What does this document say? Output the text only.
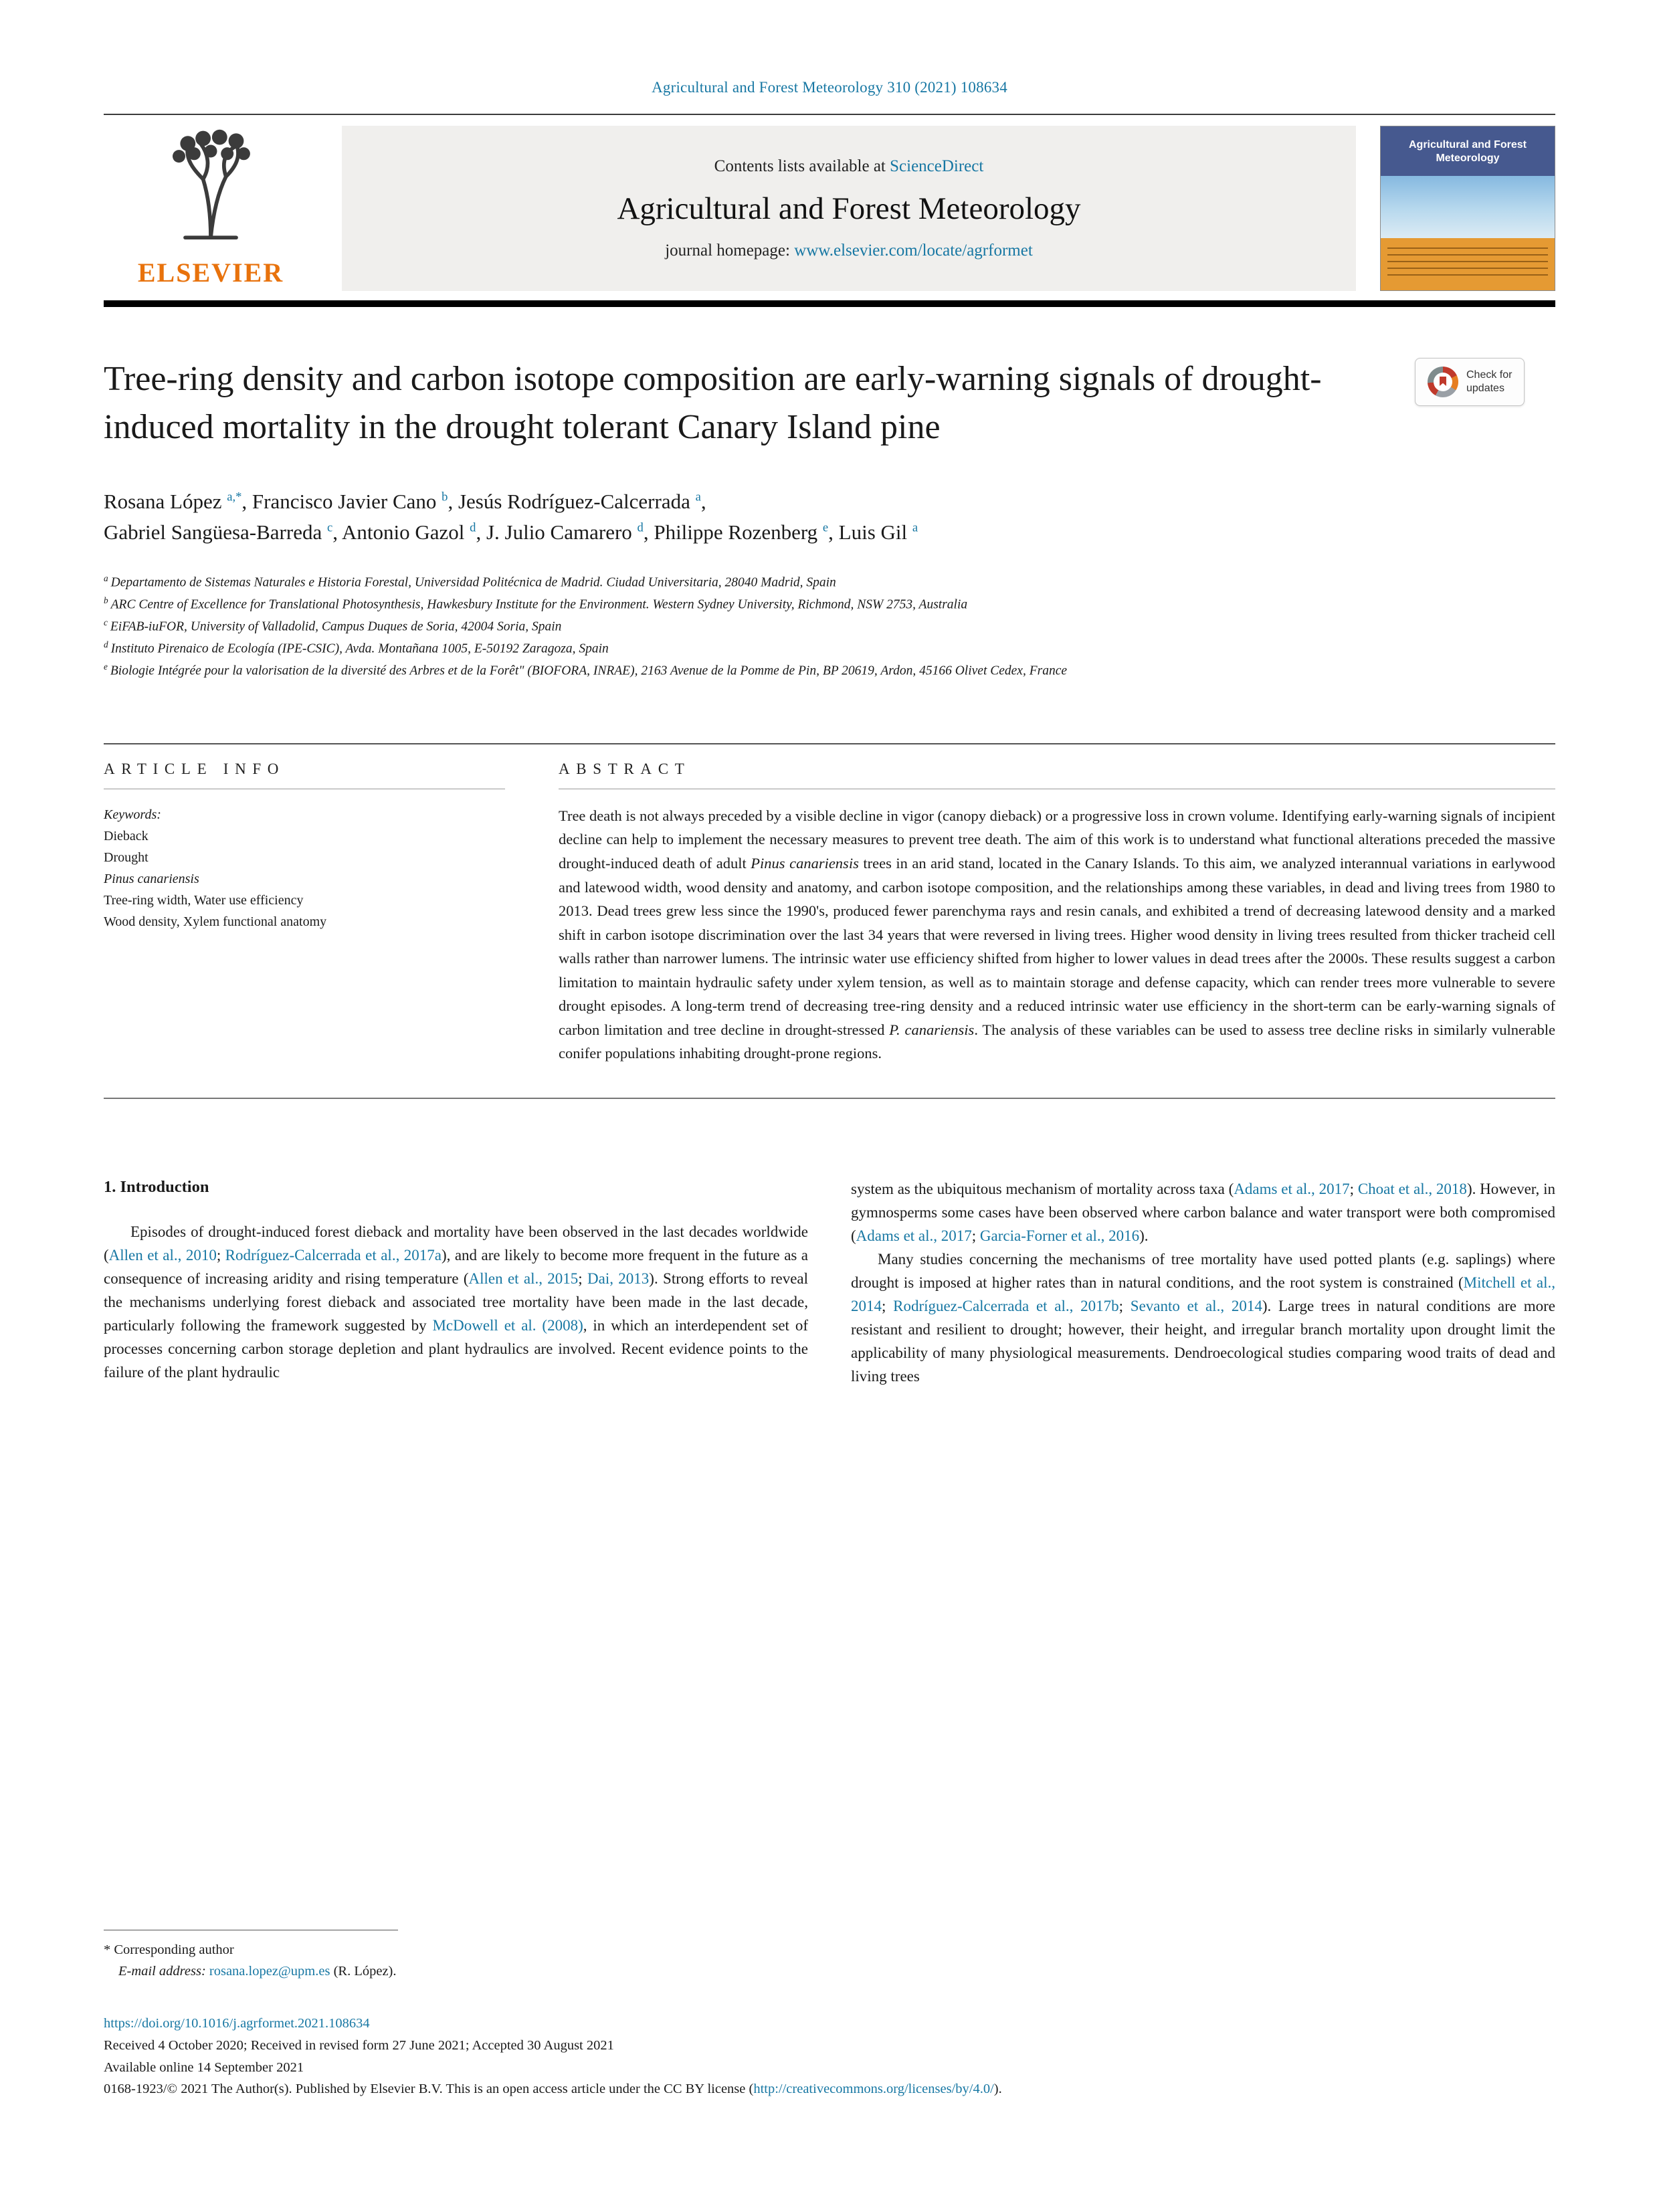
Agricultural and Forest Meteorology 310 (2021) 108634
ELSEVIER
Contents lists available at ScienceDirect
Agricultural and Forest Meteorology
journal homepage: www.elsevier.com/locate/agrformet
Agricultural and Forest Meteorology
Tree-ring density and carbon isotope composition are early-warning signals of drought-induced mortality in the drought tolerant Canary Island pine
Check for
updates
Rosana López $^{a,*}$, Francisco Javier Cano $^b$, Jesús Rodríguez-Calcerrada $^a$,
Gabriel Sangüesa-Barreda $^c$, Antonio Gazol $^d$, J. Julio Camarero $^d$, Philippe Rozenberg $^e$, Luis Gil $^a$
$^a$ Departamento de Sistemas Naturales e Historia Forestal, Universidad Politécnica de Madrid. Ciudad Universitaria, 28040 Madrid, Spain
$^b$ ARC Centre of Excellence for Translational Photosynthesis, Hawkesbury Institute for the Environment. Western Sydney University, Richmond, NSW 2753, Australia
$^c$ EiFAB-iuFOR, University of Valladolid, Campus Duques de Soria, 42004 Soria, Spain
$^d$ Instituto Pirenaico de Ecología (IPE-CSIC), Avda. Montañana 1005, E-50192 Zaragoza, Spain
$^e$ Biologie Intégrée pour la valorisation de la diversité des Arbres et de la Forêt" (BIOFORA, INRAE), 2163 Avenue de la Pomme de Pin, BP 20619, Ardon, 45166 Olivet Cedex, France
ARTICLE INFO
Keywords:
Dieback
Drought
Pinus canariensis
Tree-ring width, Water use efficiency
Wood density, Xylem functional anatomy
ABSTRACT
Tree death is not always preceded by a visible decline in vigor (canopy dieback) or a progressive loss in crown volume. Identifying early-warning signals of incipient decline can help to implement the necessary measures to prevent tree death. The aim of this work is to understand what functional alterations preceded the massive drought-induced death of adult Pinus canariensis trees in an arid stand, located in the Canary Islands. To this aim, we analyzed interannual variations in earlywood and latewood width, wood density and anatomy, and carbon isotope composition, and the relationships among these variables, in dead and living trees from 1980 to 2013. Dead trees grew less since the 1990's, produced fewer parenchyma rays and resin canals, and exhibited a trend of decreasing latewood density and a marked shift in carbon isotope discrimination over the last 34 years that were reversed in living trees. Higher wood density in living trees resulted from thicker tracheid cell walls rather than narrower lumens. The intrinsic water use efficiency shifted from higher to lower values in dead trees after the 2000s. These results suggest a carbon limitation to maintain hydraulic safety under xylem tension, as well as to maintain storage and defense capacity, which can render trees more vulnerable to severe drought episodes. A long-term trend of decreasing tree-ring density and a reduced intrinsic water use efficiency in the short-term can be early-warning signals of carbon limitation and tree decline in drought-stressed P. canariensis. The analysis of these variables can be used to assess tree decline risks in similarly vulnerable conifer populations inhabiting drought-prone regions.
1. Introduction

Episodes of drought-induced forest dieback and mortality have been observed in the last decades worldwide (Allen et al., 2010; Rodríguez-Calcerrada et al., 2017a), and are likely to become more frequent in the future as a consequence of increasing aridity and rising temperature (Allen et al., 2015; Dai, 2013). Strong efforts to reveal the mechanisms underlying forest dieback and associated tree mortality have been made in the last decade, particularly following the framework suggested by McDowell et al. (2008), in which an interdependent set of processes concerning carbon storage depletion and plant hydraulics are involved. Recent evidence points to the failure of the plant hydraulic

system as the ubiquitous mechanism of mortality across taxa (Adams et al., 2017; Choat et al., 2018). However, in gymnosperms some cases have been observed where carbon balance and water transport were both compromised (Adams et al., 2017; Garcia-Forner et al., 2016).

Many studies concerning the mechanisms of tree mortality have used potted plants (e.g. saplings) where drought is imposed at higher rates than in natural conditions, and the root system is constrained (Mitchell et al., 2014; Rodríguez-Calcerrada et al., 2017b; Sevanto et al., 2014). Large trees in natural conditions are more resistant and resilient to drought; however, their height, and irregular branch mortality upon drought limit the applicability of many physiological measurements. Dendroecological studies comparing wood traits of dead and living trees

* Corresponding author
E-mail address: rosana.lopez@upm.es (R. López).
https://doi.org/10.1016/j.agrformet.2021.108634
Received 4 October 2020; Received in revised form 27 June 2021; Accepted 30 August 2021
Available online 14 September 2021
0168-1923/© 2021 The Author(s). Published by Elsevier B.V. This is an open access article under the CC BY license (http://creativecommons.org/licenses/by/4.0/).
